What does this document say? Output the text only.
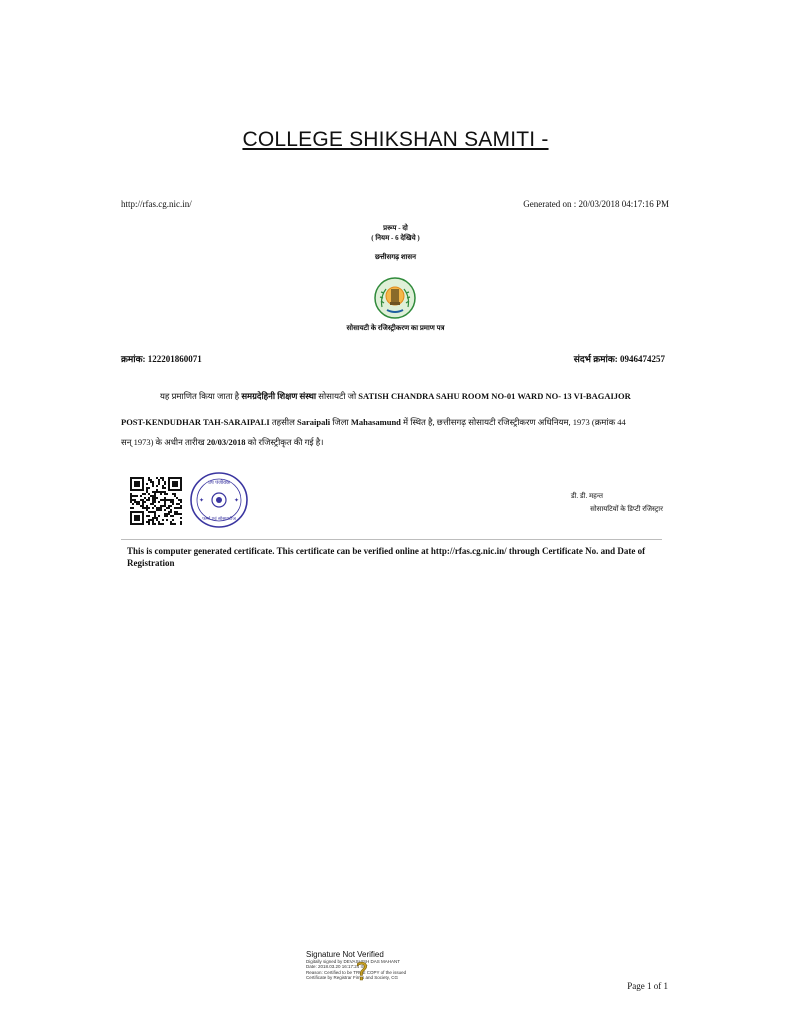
COLLEGE SHIKSHAN SAMITI -
http://rfas.cg.nic.in/	Generated on : 20/03/2018 04:17:16 PM
प्ररूप - दो
( नियम - 6 देखिये )
छत्तीसगढ़ शासन
सोसायटी के रजिस्ट्रीकरण का प्रमाण पत्र
क्रमांक: 122201860071	संदर्भ क्रमांक: 0946474257
यह प्रमाणित किया जाता है समग्रदेहिनी शिक्षण संस्था सोसायटी जो SATISH CHANDRA SAHU ROOM NO-01 WARD NO- 13 VI-BAGAIJOR
POST-KENDUDHAR TAH-SARAIPALI तहसील Saraipali जिला Mahasamund में स्थित है, छत्तीसगढ़ सोसायटी रजिस्ट्रीकरण अधिनियम, 1973 (क्रमांक 44
सन् 1973) के अधीन तारीख 20/03/2018 को रजिस्ट्रीकृत की गई है।
उप पंजीयक
फर्म्स एवं सोसायटीज
✦	✦
डी. डी. महन्त
सोसायटियों के डिप्टी रजिस्ट्रार
This is computer generated certificate. This certificate can be verified online at http://rfas.cg.nic.in/ through Certificate No. and Date of Registration
Signature Not Verified
Digitally signed by DEVASHISH DAS MAHANT
Date: 2018.03.20 16:17:24 IST
Reason: Certified to be TRUE COPY of the issued
Certificate by Registrar Firms and Society, CG
?	Page 1 of 1
